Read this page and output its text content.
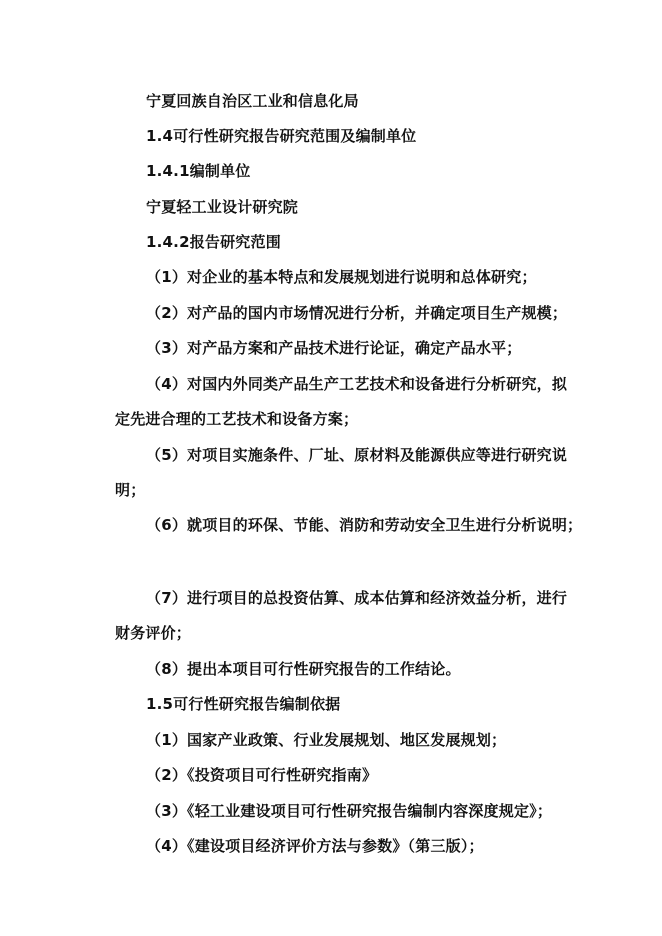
宁夏回族自治区工业和信息化局
1.4可行性研究报告研究范围及编制单位
1.4.1编制单位
宁夏轻工业设计研究院
1.4.2报告研究范围
（1）对企业的基本特点和发展规划进行说明和总体研究；
（2）对产品的国内市场情况进行分析，并确定项目生产规模；
（3）对产品方案和产品技术进行论证，确定产品水平；
（4）对国内外同类产品生产工艺技术和设备进行分析研究，拟
定先进合理的工艺技术和设备方案；
（5）对项目实施条件、厂址、原材料及能源供应等进行研究说
明；
（6）就项目的环保、节能、消防和劳动安全卫生进行分析说明；
（7）进行项目的总投资估算、成本估算和经济效益分析，进行
财务评价；
（8）提出本项目可行性研究报告的工作结论。
1.5可行性研究报告编制依据
（1）国家产业政策、行业发展规划、地区发展规划；
（2）《投资项目可行性研究指南》
（3）《轻工业建设项目可行性研究报告编制内容深度规定》；
（4）《建设项目经济评价方法与参数》（第三版）；
